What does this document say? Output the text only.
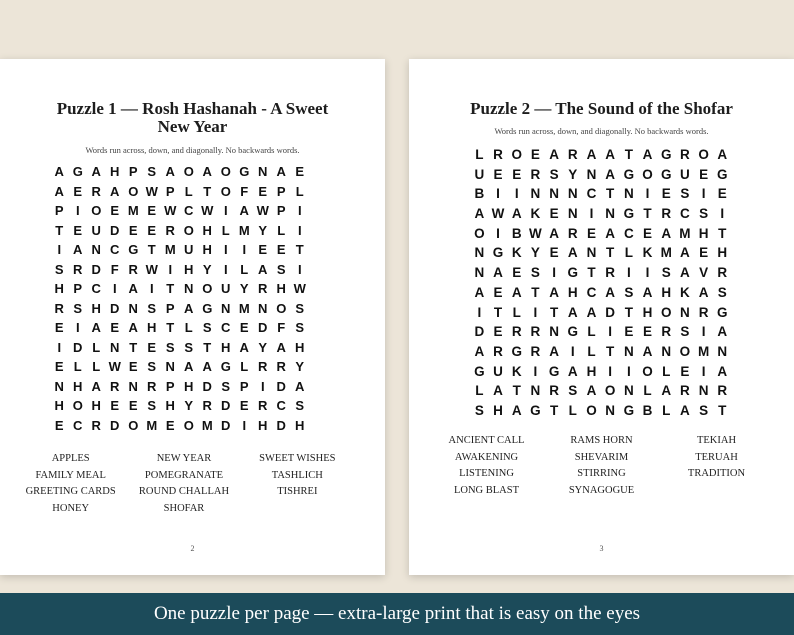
Puzzle 1 — Rosh Hashanah - A Sweet
New Year
Words run across, down, and diagonally. No backwards words.
A G A H P S A O A O G N A E
A E R A O W P L T O F E P L
P I O E M E W C W I A W P I
T E U D E E R O H L M Y L I
I A N C G T M U H I	I E E T
S R D F R W I H Y I L A S I
H P C I A I T N O U Y R H W
R S H D N S P A G N M N O S
E I A E A H T L S C E D F S
I D L N T E S S T H A Y A H
E L L W E S N A A G L R R Y
N H A R N R P H D S P I D A
H O H E E S H Y R D E R C S
E C R D O M E O M D I H D H
APPLES
FAMILY MEAL
GREETING CARDS
HONEY
NEW YEAR
POMEGRANATE
ROUND CHALLAH
SHOFAR
SWEET WISHES
TASHLICH
TISHREI
2
Puzzle 2 — The Sound of the Shofar
Words run across, down, and diagonally. No backwards words.
L R O E A R A A T A G R O A
U E E R S Y N A G O G U E G
B I	I N N N C T N I E S I E
A W A K E N I N G T R C S I
O I B W A R E A C E A M H T
N G K Y E A N T L K M A E H
N A E S I G T R I	I S A V R
A E A T A H C A S A H K A S
I T L I T A A D T H O N R G
D E R R N G L I E E R S I A
A R G R A I L T N A N O M N
G U K I G A H I	I O L E I A
L A T N R S A O N L A R N R
S H A G T L O N G B L A S T
ANCIENT CALL
AWAKENING
LISTENING
LONG BLAST
RAMS HORN
SHEVARIM
STIRRING
SYNAGOGUE
TEKIAH
TERUAH
TRADITION
3
One puzzle per page — extra-large print that is easy on the eyes
